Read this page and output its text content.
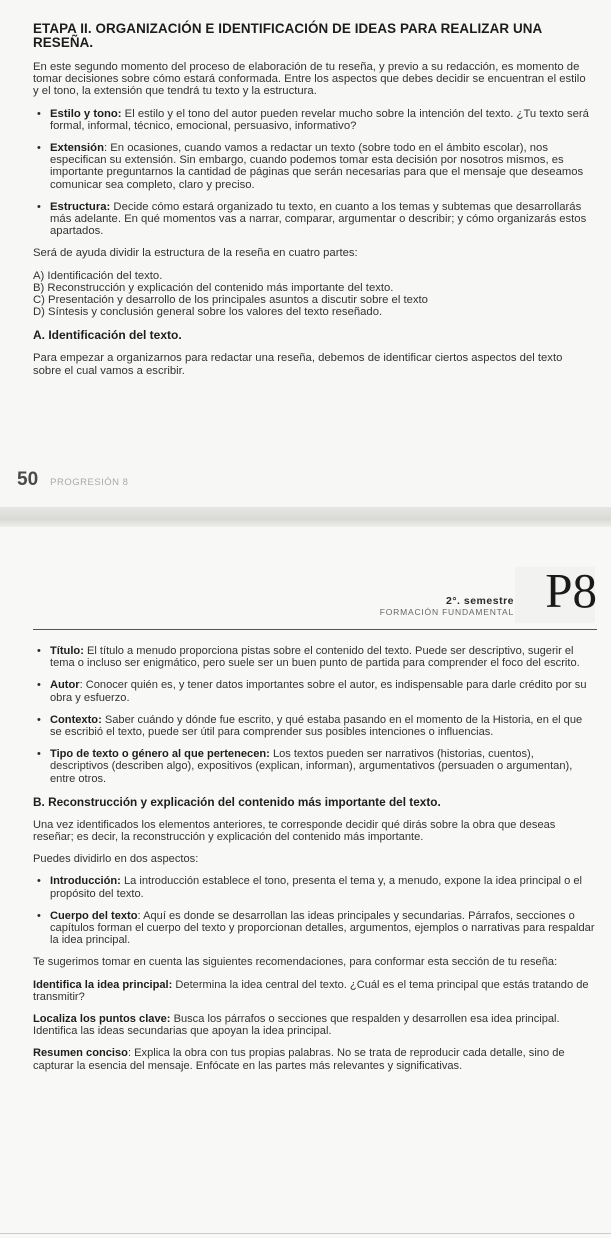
ETAPA II. ORGANIZACIÓN E IDENTIFICACIÓN DE IDEAS PARA REALIZAR UNA RESEÑA.

En este segundo momento del proceso de elaboración de tu reseña, y previo a su redacción, es momento de tomar decisiones sobre cómo estará conformada. Entre los aspectos que debes decidir se encuentran el estilo y el tono, la extensión que tendrá tu texto y la estructura.

• Estilo y tono: El estilo y el tono del autor pueden revelar mucho sobre la intención del texto. ¿Tu texto será formal, informal, técnico, emocional, persuasivo, informativo?

• Extensión: En ocasiones, cuando vamos a redactar un texto (sobre todo en el ámbito escolar), nos especifican su extensión. Sin embargo, cuando podemos tomar esta decisión por nosotros mismos, es importante preguntarnos la cantidad de páginas que serán necesarias para que el mensaje que deseamos comunicar sea completo, claro y preciso.

• Estructura: Decide cómo estará organizado tu texto, en cuanto a los temas y subtemas que desarrollarás más adelante. En qué momentos vas a narrar, comparar, argumentar o describir; y cómo organizarás estos apartados.

Será de ayuda dividir la estructura de la reseña en cuatro partes:

A) Identificación del texto.

B) Reconstrucción y explicación del contenido más importante del texto.

C) Presentación y desarrollo de los principales asuntos a discutir sobre el texto

D) Síntesis y conclusión general sobre los valores del texto reseñado.

A. Identificación del texto.

Para empezar a organizarnos para redactar una reseña, debemos de identificar ciertos aspectos del texto sobre el cual vamos a escribir.

50 PROGRESIÓN 8
2°. semestre
FORMACIÓN FUNDAMENTAL P8
• Título: El título a menudo proporciona pistas sobre el contenido del texto. Puede ser descriptivo, sugerir el tema o incluso ser enigmático, pero suele ser un buen punto de partida para comprender el foco del escrito.

• Autor: Conocer quién es, y tener datos importantes sobre el autor, es indispensable para darle crédito por su obra y esfuerzo.

• Contexto: Saber cuándo y dónde fue escrito, y qué estaba pasando en el momento de la Historia, en el que se escribió el texto, puede ser útil para comprender sus posibles intenciones o influencias.

• Tipo de texto o género al que pertenecen: Los textos pueden ser narrativos (historias, cuentos), descriptivos (describen algo), expositivos (explican, informan), argumentativos (persuaden o argumentan), entre otros.

B. Reconstrucción y explicación del contenido más importante del texto.

Una vez identificados los elementos anteriores, te corresponde decidir qué dirás sobre la obra que deseas reseñar; es decir, la reconstrucción y explicación del contenido más importante.

Puedes dividirlo en dos aspectos:

• Introducción: La introducción establece el tono, presenta el tema y, a menudo, expone la idea principal o el propósito del texto.

• Cuerpo del texto: Aquí es donde se desarrollan las ideas principales y secundarias. Párrafos, secciones o capítulos forman el cuerpo del texto y proporcionan detalles, argumentos, ejemplos o narrativas para respaldar la idea principal.

Te sugerimos tomar en cuenta las siguientes recomendaciones, para conformar esta sección de tu reseña:

Identifica la idea principal: Determina la idea central del texto. ¿Cuál es el tema principal que estás tratando de transmitir?

Localiza los puntos clave: Busca los párrafos o secciones que respalden y desarrollen esa idea principal. Identifica las ideas secundarias que apoyan la idea principal.

Resumen conciso: Explica la obra con tus propias palabras. No se trata de reproducir cada detalle, sino de capturar la esencia del mensaje. Enfócate en las partes más relevantes y significativas.
